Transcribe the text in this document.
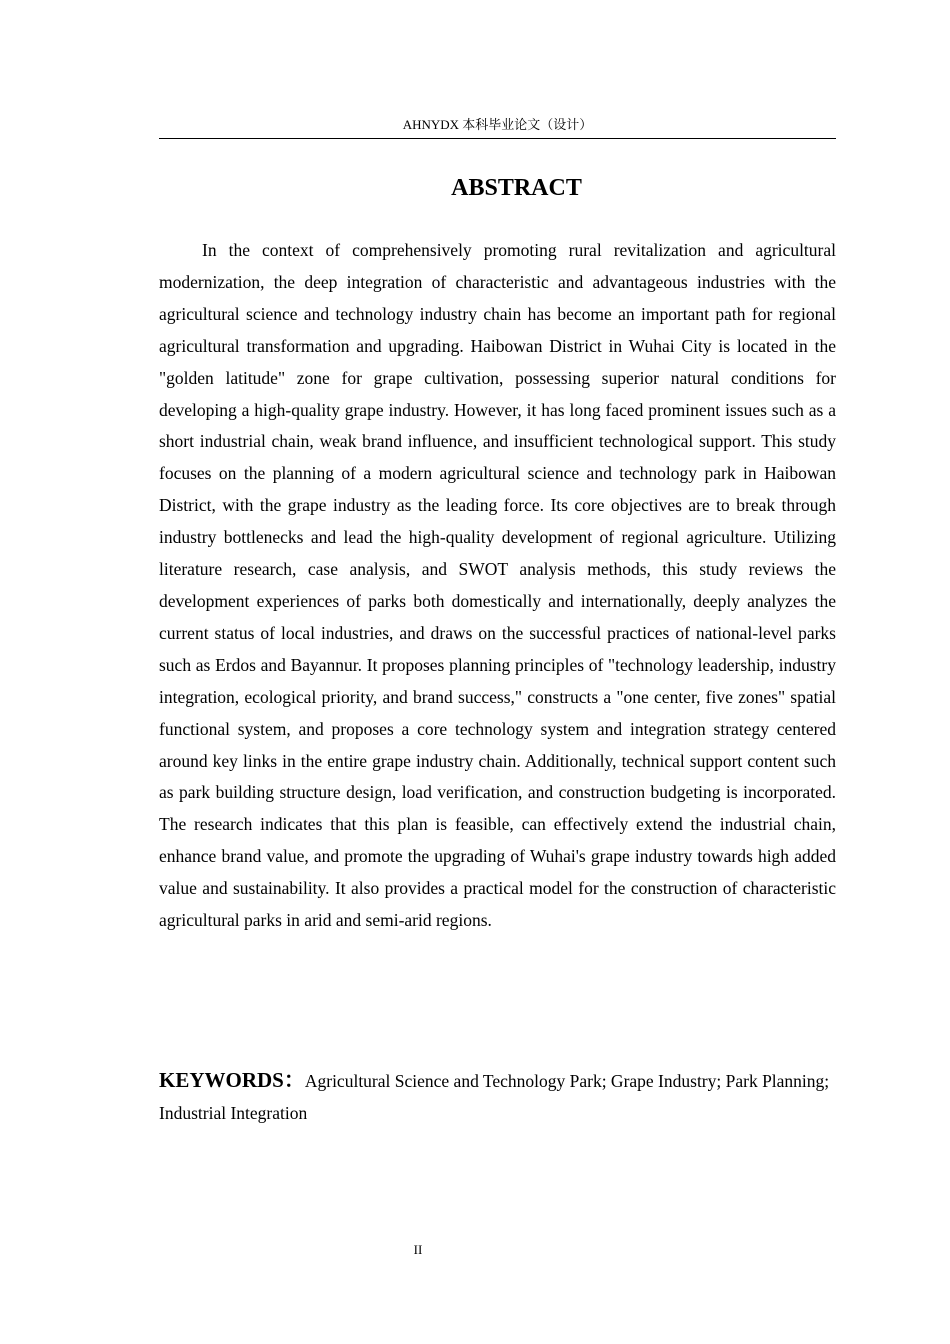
AHNYDX 本科毕业论文（设计）
ABSTRACT

In the context of comprehensively promoting rural revitalization and agricultural modernization, the deep integration of characteristic and advantageous industries with the agricultural science and technology industry chain has become an important path for regional agricultural transformation and upgrading. Haibowan District in Wuhai City is located in the "golden latitude" zone for grape cultivation, possessing superior natural conditions for developing a high-quality grape industry. However, it has long faced prominent issues such as a short industrial chain, weak brand influence, and insufficient technological support. This study focuses on the planning of a modern agricultural science and technology park in Haibowan District, with the grape industry as the leading force. Its core objectives are to break through industry bottlenecks and lead the high-quality development of regional agriculture. Utilizing literature research, case analysis, and SWOT analysis methods, this study reviews the development experiences of parks both domestically and internationally, deeply analyzes the current status of local industries, and draws on the successful practices of national-level parks such as Erdos and Bayannur. It proposes planning principles of "technology leadership, industry integration, ecological priority, and brand success," constructs a "one center, five zones" spatial functional system, and proposes a core technology system and integration strategy centered around key links in the entire grape industry chain. Additionally, technical support content such as park building structure design, load verification, and construction budgeting is incorporated. The research indicates that this plan is feasible, can effectively extend the industrial chain, enhance brand value, and promote the upgrading of Wuhai's grape industry towards high added value and sustainability. It also provides a practical model for the construction of characteristic agricultural parks in arid and semi-arid regions.

KEYWORDS：Agricultural Science and Technology Park; Grape Industry; Park Planning; Industrial Integration

II
